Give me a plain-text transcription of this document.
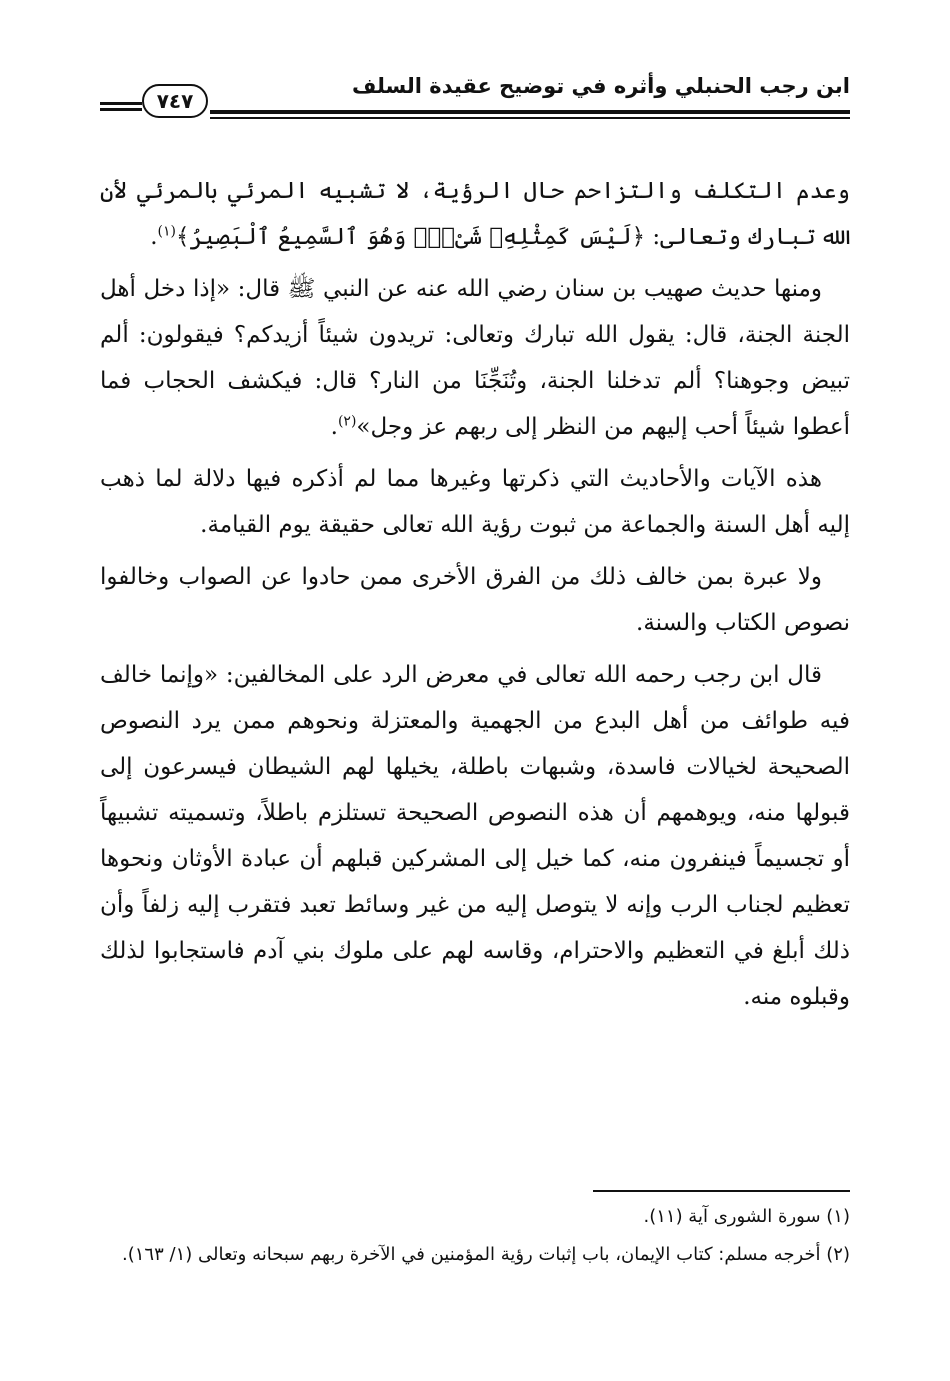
ابن رجب الحنبلي وأثره في توضيح عقيدة السلف
٧٤٧

وعدم التكلف والتزاحم حال الرؤية، لا تشبيه المرئي بالمرئي لأن الله تبارك وتعالى: ﴿لَيْسَ كَمِثْلِهِۦ شَىْءٌۖ وَهُوَ ٱلسَّمِيعُ ٱلْبَصِيرُ﴾$^{(١)}$.

ومنها حديث صهيب بن سنان رضي الله عنه عن النبي ﷺ قال: «إذا دخل أهل الجنة الجنة، قال: يقول الله تبارك وتعالى: تريدون شيئاً أزيدكم؟ فيقولون: ألم تبيض وجوهنا؟ ألم تدخلنا الجنة، وتُنَجِّنَا من النار؟ قال: فيكشف الحجاب فما أعطوا شيئاً أحب إليهم من النظر إلى ربهم عز وجل»$^{(٢)}$.

هذه الآيات والأحاديث التي ذكرتها وغيرها مما لم أذكره فيها دلالة لما ذهب إليه أهل السنة والجماعة من ثبوت رؤية الله تعالى حقيقة يوم القيامة.

ولا عبرة بمن خالف ذلك من الفرق الأخرى ممن حادوا عن الصواب وخالفوا نصوص الكتاب والسنة.

قال ابن رجب رحمه الله تعالى في معرض الرد على المخالفين: «وإنما خالف فيه طوائف من أهل البدع من الجهمية والمعتزلة ونحوهم ممن يرد النصوص الصحيحة لخيالات فاسدة، وشبهات باطلة، يخيلها لهم الشيطان فيسرعون إلى قبولها منه، ويوهمهم أن هذه النصوص الصحيحة تستلزم باطلاً، وتسميته تشبيهاً أو تجسيماً فينفرون منه، كما خيل إلى المشركين قبلهم أن عبادة الأوثان ونحوها تعظيم لجناب الرب وإنه لا يتوصل إليه من غير وسائط تعبد فتقرب إليه زلفاً وأن ذلك أبلغ في التعظيم والاحترام، وقاسه لهم على ملوك بني آدم فاستجابوا لذلك وقبلوه منه.

(١) سورة الشورى آية (١١).

(٢) أخرجه مسلم: كتاب الإيمان، باب إثبات رؤية المؤمنين في الآخرة ربهم سبحانه وتعالى (١/ ١٦٣).
